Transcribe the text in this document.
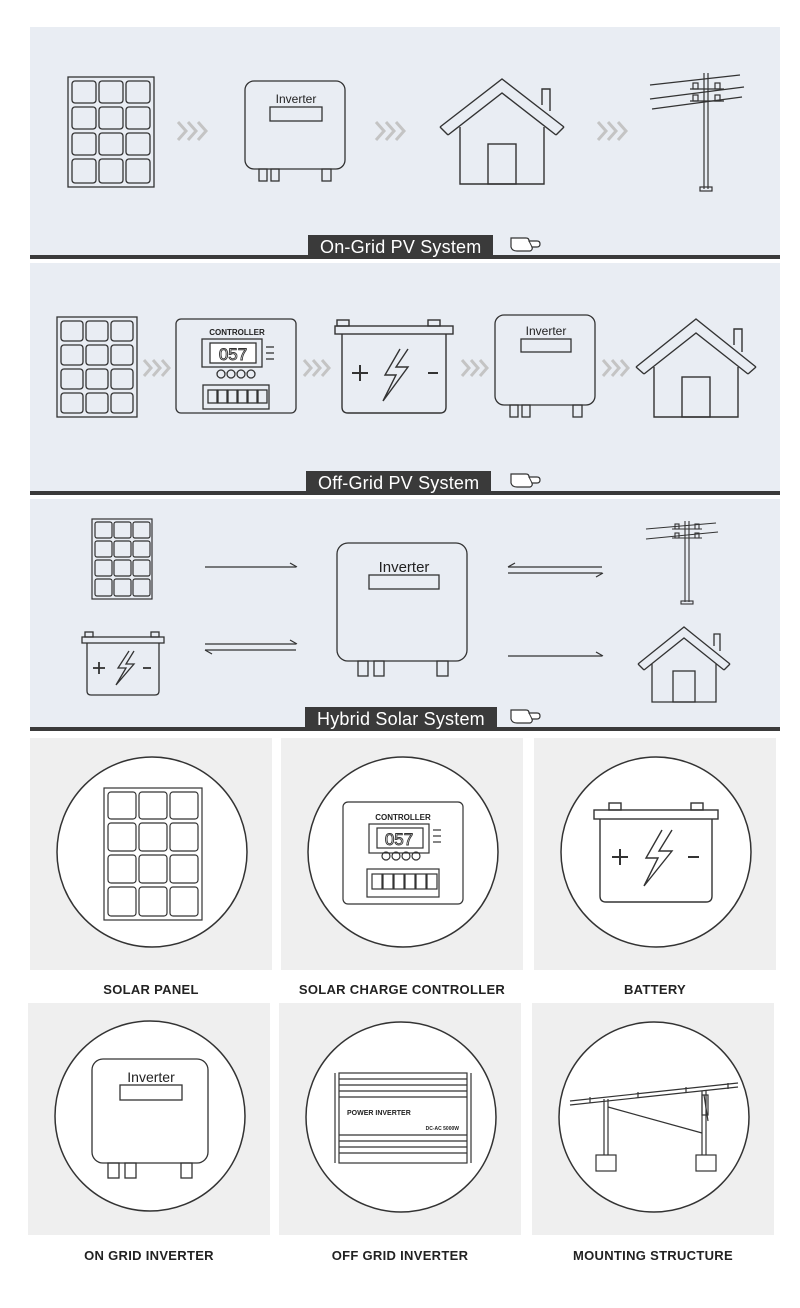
Inverter
On-Grid PV System
CONTROLLER
057
Inverter
Off-Grid PV System
Inverter
Hybrid Solar System
SOLAR PANEL
CONTROLLER
057
SOLAR CHARGE CONTROLLER	BATTERY
Inverter
ON GRID INVERTER
POWER INVERTER
DC-AC 5000W
OFF GRID INVERTER	MOUNTING STRUCTURE
